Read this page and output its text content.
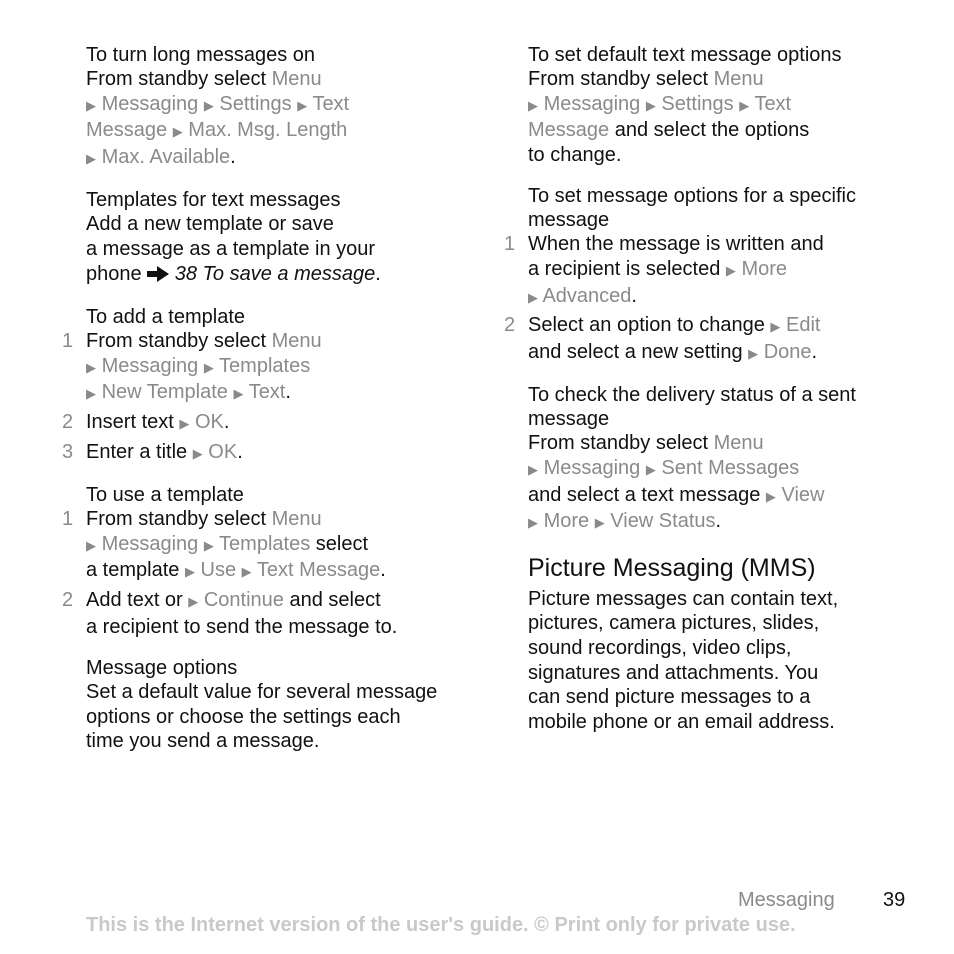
To turn long messages on
From standby select Menu
▶ Messaging ▶ Settings ▶ Text
Message ▶ Max. Msg. Length
▶ Max. Available.
Templates for text messages
Add a new template or save
a message as a template in your
phone 38 To save a message.
To add a template
1 From standby select Menu
▶ Messaging ▶ Templates
▶ New Template ▶ Text.
2 Insert text ▶ OK.
3 Enter a title ▶ OK.
To use a template
1 From standby select Menu
▶ Messaging ▶ Templates select
a template ▶ Use ▶ Text Message.
2 Add text or ▶ Continue and select
a recipient to send the message to.
Message options
Set a default value for several message
options or choose the settings each
time you send a message.
To set default text message options
From standby select Menu
▶ Messaging ▶ Settings ▶ Text
Message and select the options
to change.
To set message options for a specific
message
1 When the message is written and
a recipient is selected ▶ More
▶ Advanced.
2 Select an option to change ▶ Edit
and select a new setting ▶ Done.
To check the delivery status of a sent
message
From standby select Menu
▶ Messaging ▶ Sent Messages
and select a text message ▶ View
▶ More ▶ View Status.
Picture Messaging (MMS)
Picture messages can contain text,
pictures, camera pictures, slides,
sound recordings, video clips,
signatures and attachments. You
can send picture messages to a
mobile phone or an email address.
Messaging 39
This is the Internet version of the user's guide. © Print only for private use.
